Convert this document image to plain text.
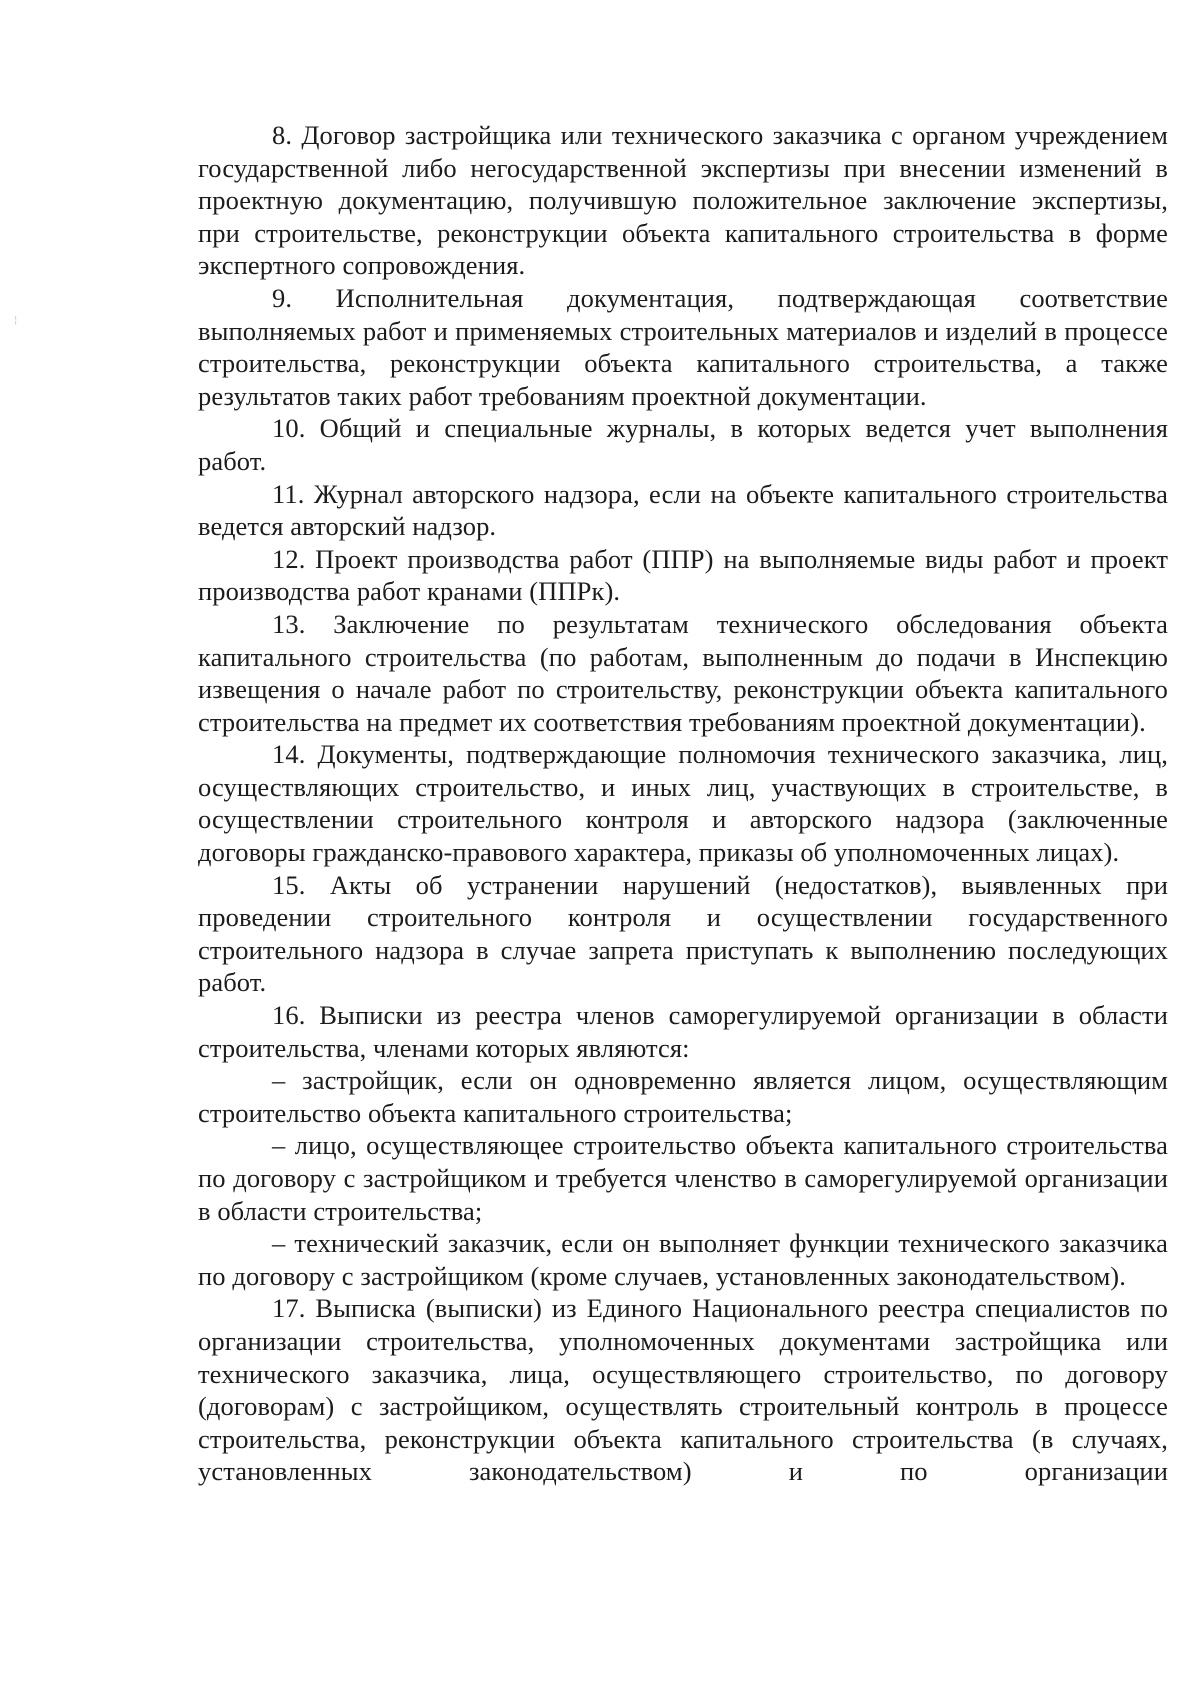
8. Договор застройщика или технического заказчика с органом учреждением государственной либо негосударственной экспертизы при внесении изменений в проектную документацию, получившую положительное заключение экспертизы, при строительстве, реконструкции объекта капитального строительства в форме экспертного сопровождения.

9. Исполнительная документация, подтверждающая соответствие выполняемых работ и применяемых строительных материалов и изделий в процессе строительства, реконструкции объекта капитального строительства, а также результатов таких работ требованиям проектной документации.

10. Общий и специальные журналы, в которых ведется учет выполнения работ.

11. Журнал авторского надзора, если на объекте капитального строительства ведется авторский надзор.

12. Проект производства работ (ППР) на выполняемые виды работ и проект производства работ кранами (ППРк).

13. Заключение по результатам технического обследования объекта капитального строительства (по работам, выполненным до подачи в Инспекцию извещения о начале работ по строительству, реконструкции объекта капитального строительства на предмет их соответствия требованиям проектной документации).

14. Документы, подтверждающие полномочия технического заказчика, лиц, осуществляющих строительство, и иных лиц, участвующих в строительстве, в осуществлении строительного контроля и авторского надзора (заключенные договоры гражданско-правового характера, приказы об уполномоченных лицах).

15. Акты об устранении нарушений (недостатков), выявленных при проведении строительного контроля и осуществлении государственного строительного надзора в случае запрета приступать к выполнению последующих работ.

16. Выписки из реестра членов саморегулируемой организации в области строительства, членами которых являются:

– застройщик, если он одновременно является лицом, осуществляющим строительство объекта капитального строительства;

– лицо, осуществляющее строительство объекта капитального строительства по договору с застройщиком и требуется членство в саморегулируемой организации в области строительства;

– технический заказчик, если он выполняет функции технического заказчика по договору с застройщиком (кроме случаев, установленных законодательством).

17. Выписка (выписки) из Единого Национального реестра специалистов по организации строительства, уполномоченных документами застройщика или технического заказчика, лица, осуществляющего строительство, по договору (договорам) с застройщиком, осуществлять строительный контроль в процессе строительства, реконструкции объекта капитального строительства (в случаях, установленных законодательством) и по организации

¦
